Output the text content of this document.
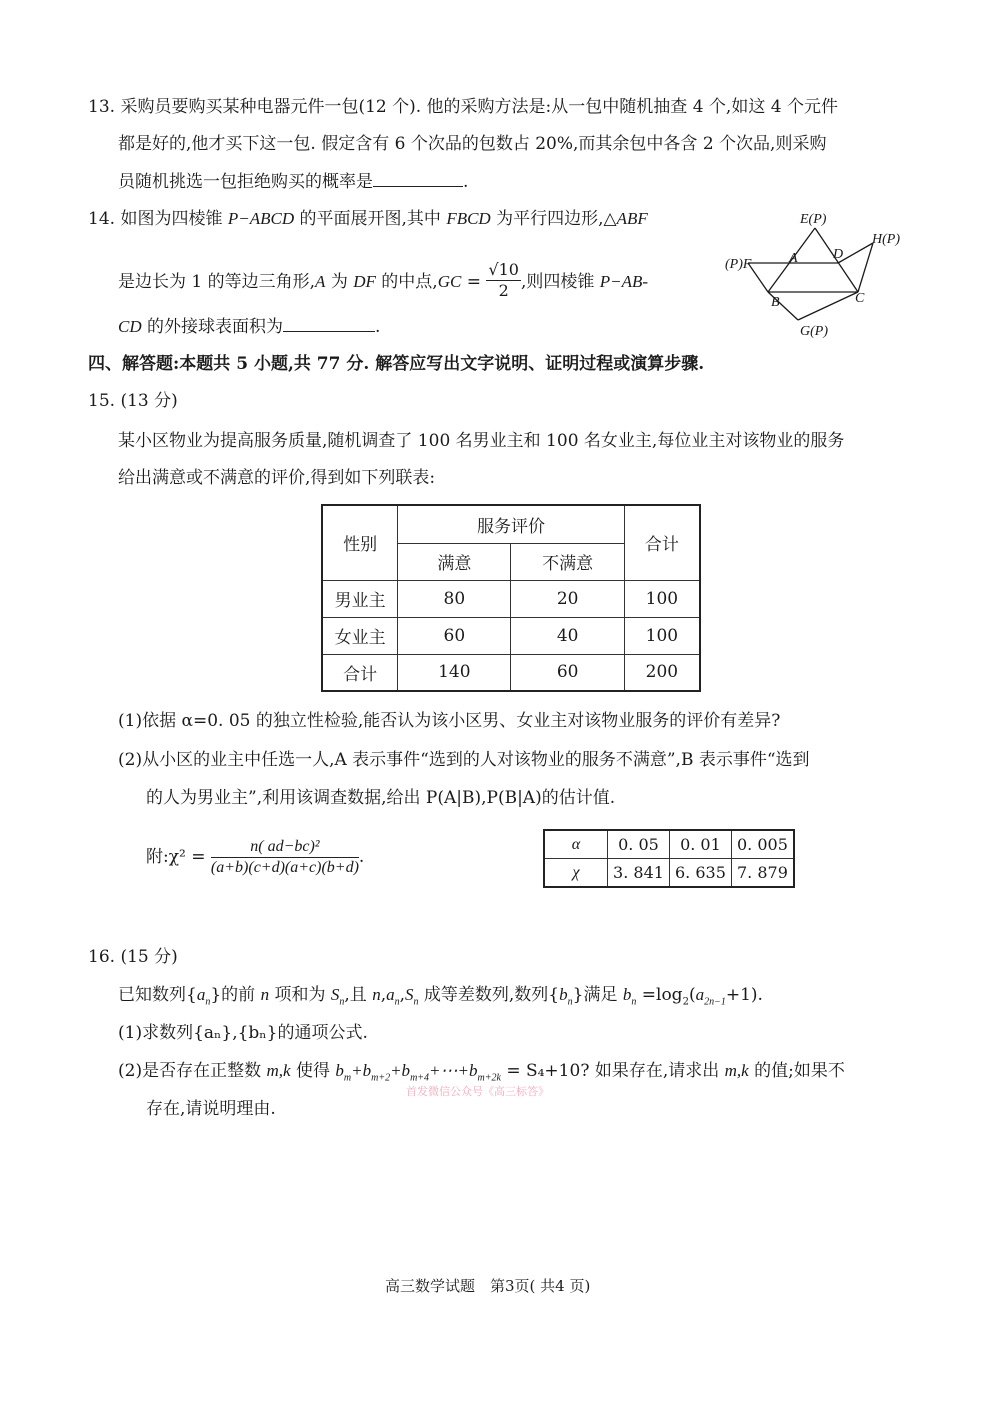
13. 采购员要购买某种电器元件一包(12 个). 他的采购方法是:从一包中随机抽查 4 个,如这 4 个元件
都是好的,他才买下这一包. 假定含有 6 个次品的包数占 20%,而其余包中各含 2 个次品,则采购
员随机挑选一包拒绝购买的概率是	.
14. 如图为四棱锥 P−ABCD 的平面展开图,其中 FBCD 为平行四边形,△ABF
是边长为 1 的等边三角形,A 为 DF 的中点$,GC = \frac{√10}{2}$ ,则四棱锥 P−AB-
CD 的外接球表面积为	.
E(P)
H(P)
(P)F	A	D
B	C
G(P)
四、解答题:本题共 5 小题,共 77 分. 解答应写出文字说明、证明过程或演算步骤.
15. (13 分)
某小区物业为提高服务质量,随机调查了 100 名男业主和 100 名女业主,每位业主对该物业的服务
给出满意或不满意的评价,得到如下列联表:
性别	服务评价		合计
	满意	不满意	
男业主	80	20	100
女业主	60	40	100
合计	140	60	200
(1)依据 α=0. 05 的独立性检验,能否认为该小区男、女业主对该物业服务的评价有差异?
(2)从小区的业主中任选一人,A 表示事件“选到的人对该物业的服务不满意”,B 表示事件“选到
的人为男业主”,利用该调查数据,给出 P(A|B),P(B|A)的估计值.
附:χ² = $\frac{\text{n( ad−bc)²}}{(a+b)(c+d)(a+c)(b+d)}$ .
α	0. 05	0. 01	0. 005
χ	3. 841	6. 635	7. 879
16. (15 分)
已知数列$\{a_n\}$的前 n 项和为 $S_n$,且 $n,a_n,S_n$ 成等差数列,数列$\{b_n\}$满足 $b_n =\log_2(a_{2n-1}+1)$.
(1)求数列{aₙ},{bₙ}的通项公式.
(2)是否存在正整数 m,k 使得 $b_m+b_{m+2}+b_{m+4}+\cdots+b_{m+2k} = S_4+10$? 如果存在,请求出 m,k 的值;如果不
首发微信公众号《高三标答》
存在,请说明理由.
高三数学试题　第3页( 共4 页)
